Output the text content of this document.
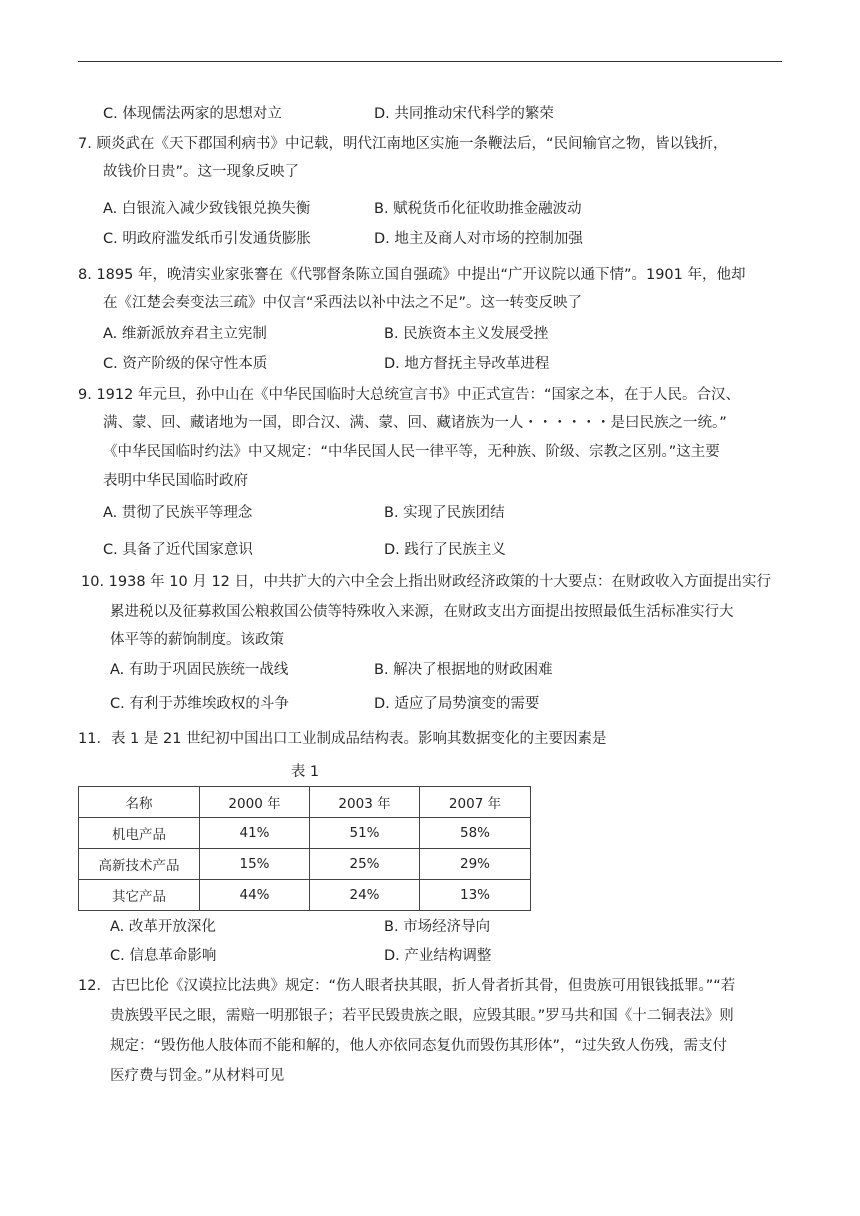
C. 体现儒法两家的思想对立	D. 共同推动宋代科学的繁荣
7. 顾炎武在《天下郡国利病书》中记载，明代江南地区实施一条鞭法后，“民间输官之物，皆以钱折，
故钱价日贵”。这一现象反映了
A. 白银流入减少致钱银兑换失衡	B. 赋税货币化征收助推金融波动
C. 明政府滥发纸币引发通货膨胀	D. 地主及商人对市场的控制加强
8. 1895 年，晚清实业家张謇在《代鄂督条陈立国自强疏》中提出“广开议院以通下情”。1901 年，他却
在《江楚会奏变法三疏》中仅言“采西法以补中法之不足”。这一转变反映了
A. 维新派放弃君主立宪制	B. 民族资本主义发展受挫
C. 资产阶级的保守性本质	D. 地方督抚主导改革进程
9. 1912 年元旦，孙中山在《中华民国临时大总统宣言书》中正式宣告：“国家之本，在于人民。合汉、
满、蒙、回、藏诸地为一国，即合汉、满、蒙、回、藏诸族为一人・・・・・・是曰民族之一统。”
《中华民国临时约法》中又规定：“中华民国人民一律平等，无种族、阶级、宗教之区别。”这主要
表明中华民国临时政府
A. 贯彻了民族平等理念	B. 实现了民族团结
C. 具备了近代国家意识	D. 践行了民族主义
10. 1938 年 10 月 12 日，中共扩大的六中全会上指出财政经济政策的十大要点：在财政收入方面提出实行
累进税以及征募救国公粮救国公债等特殊收入来源，在财政支出方面提出按照最低生活标准实行大
体平等的薪饷制度。该政策
A. 有助于巩固民族统一战线	B. 解决了根据地的财政困难
C. 有利于苏维埃政权的斗争	D. 适应了局势演变的需要
11．表 1 是 21 世纪初中国出口工业制成品结构表。影响其数据变化的主要因素是
表 1
名称	2000 年	2003 年	2007 年
机电产品	41%	51%	58%
高新技术产品	15%	25%	29%
其它产品	44%	24%	13%
A. 改革开放深化	B. 市场经济导向
C. 信息革命影响	D. 产业结构调整
12．古巴比伦《汉谟拉比法典》规定：“伤人眼者抉其眼，折人骨者折其骨，但贵族可用银钱抵罪。”“若
贵族毁平民之眼，需赔一明那银子；若平民毁贵族之眼，应毁其眼。”罗马共和国《十二铜表法》则
规定：“毁伤他人肢体而不能和解的，他人亦依同态复仇而毁伤其形体”，“过失致人伤残，需支付
医疗费与罚金。”从材料可见
